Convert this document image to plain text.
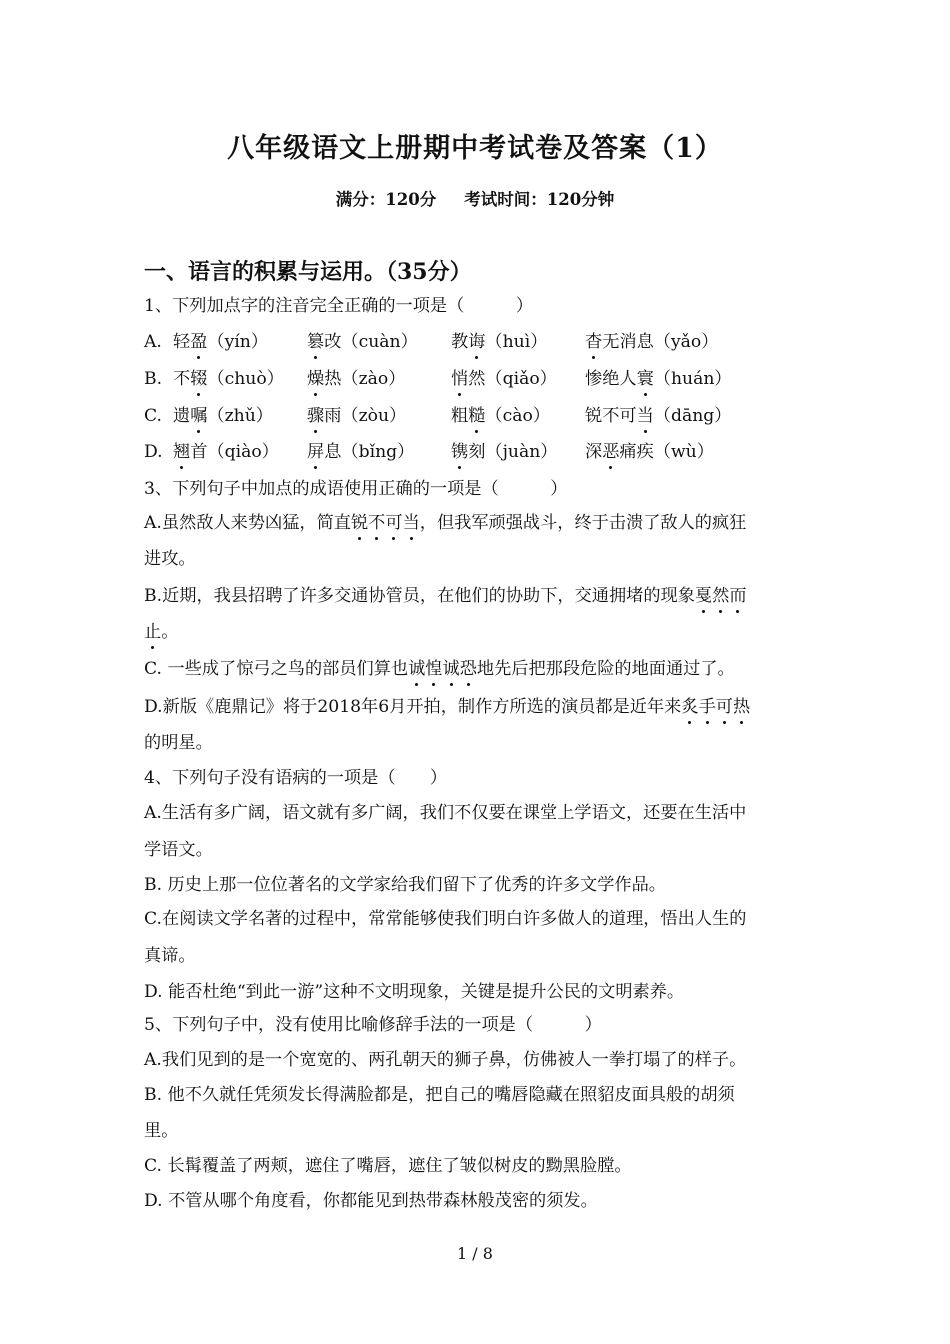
八年级语文上册期中考试卷及答案（1）
满分：120分 考试时间：120分钟
一、语言的积累与运用。（35分）
1、下列加点字的注音完全正确的一项是（　　　）
A. 轻盈（yín） 篡改（cuàn） 教诲（huì） 杳无消息（yǎo）
B. 不辍（chuò） 燥热（zào）	悄然（qiǎo） 惨绝人寰（huán）
C. 遗嘱（zhǔ） 骤雨（zòu）	粗糙（cào） 锐不可当（dāng）
D. 翘首（qiào） 屏息（bǐng） 镌刻（juàn） 深恶痛疾（wù）
3、下列句子中加点的成语使用正确的一项是（　　　）
A.虽然敌人来势凶猛，简直锐不可当，但我军顽强战斗，终于击溃了敌人的疯狂
进攻。
B.近期，我县招聘了许多交通协管员，在他们的协助下，交通拥堵的现象戛然而
止。
C. 一些成了惊弓之鸟的部员们算也诚惶诚恐地先后把那段危险的地面通过了。
D.新版《鹿鼎记》将于2018年6月开拍，制作方所选的演员都是近年来炙手可热
的明星。
4、下列句子没有语病的一项是（　　）
A.生活有多广阔，语文就有多广阔，我们不仅要在课堂上学语文，还要在生活中
学语文。
B. 历史上那一位位著名的文学家给我们留下了优秀的许多文学作品。
C.在阅读文学名著的过程中，常常能够使我们明白许多做人的道理，悟出人生的
真谛。
D. 能否杜绝“到此一游”这种不文明现象，关键是提升公民的文明素养。
5、下列句子中，没有使用比喻修辞手法的一项是（　　　）
A.我们见到的是一个宽宽的、两孔朝天的狮子鼻，仿佛被人一拳打塌了的样子。
B. 他不久就任凭须发长得满脸都是，把自己的嘴唇隐藏在照貂皮面具般的胡须
里。
C. 长髯覆盖了两颊，遮住了嘴唇，遮住了皱似树皮的黝黑脸膛。
D. 不管从哪个角度看，你都能见到热带森林般茂密的须发。
1 / 8
